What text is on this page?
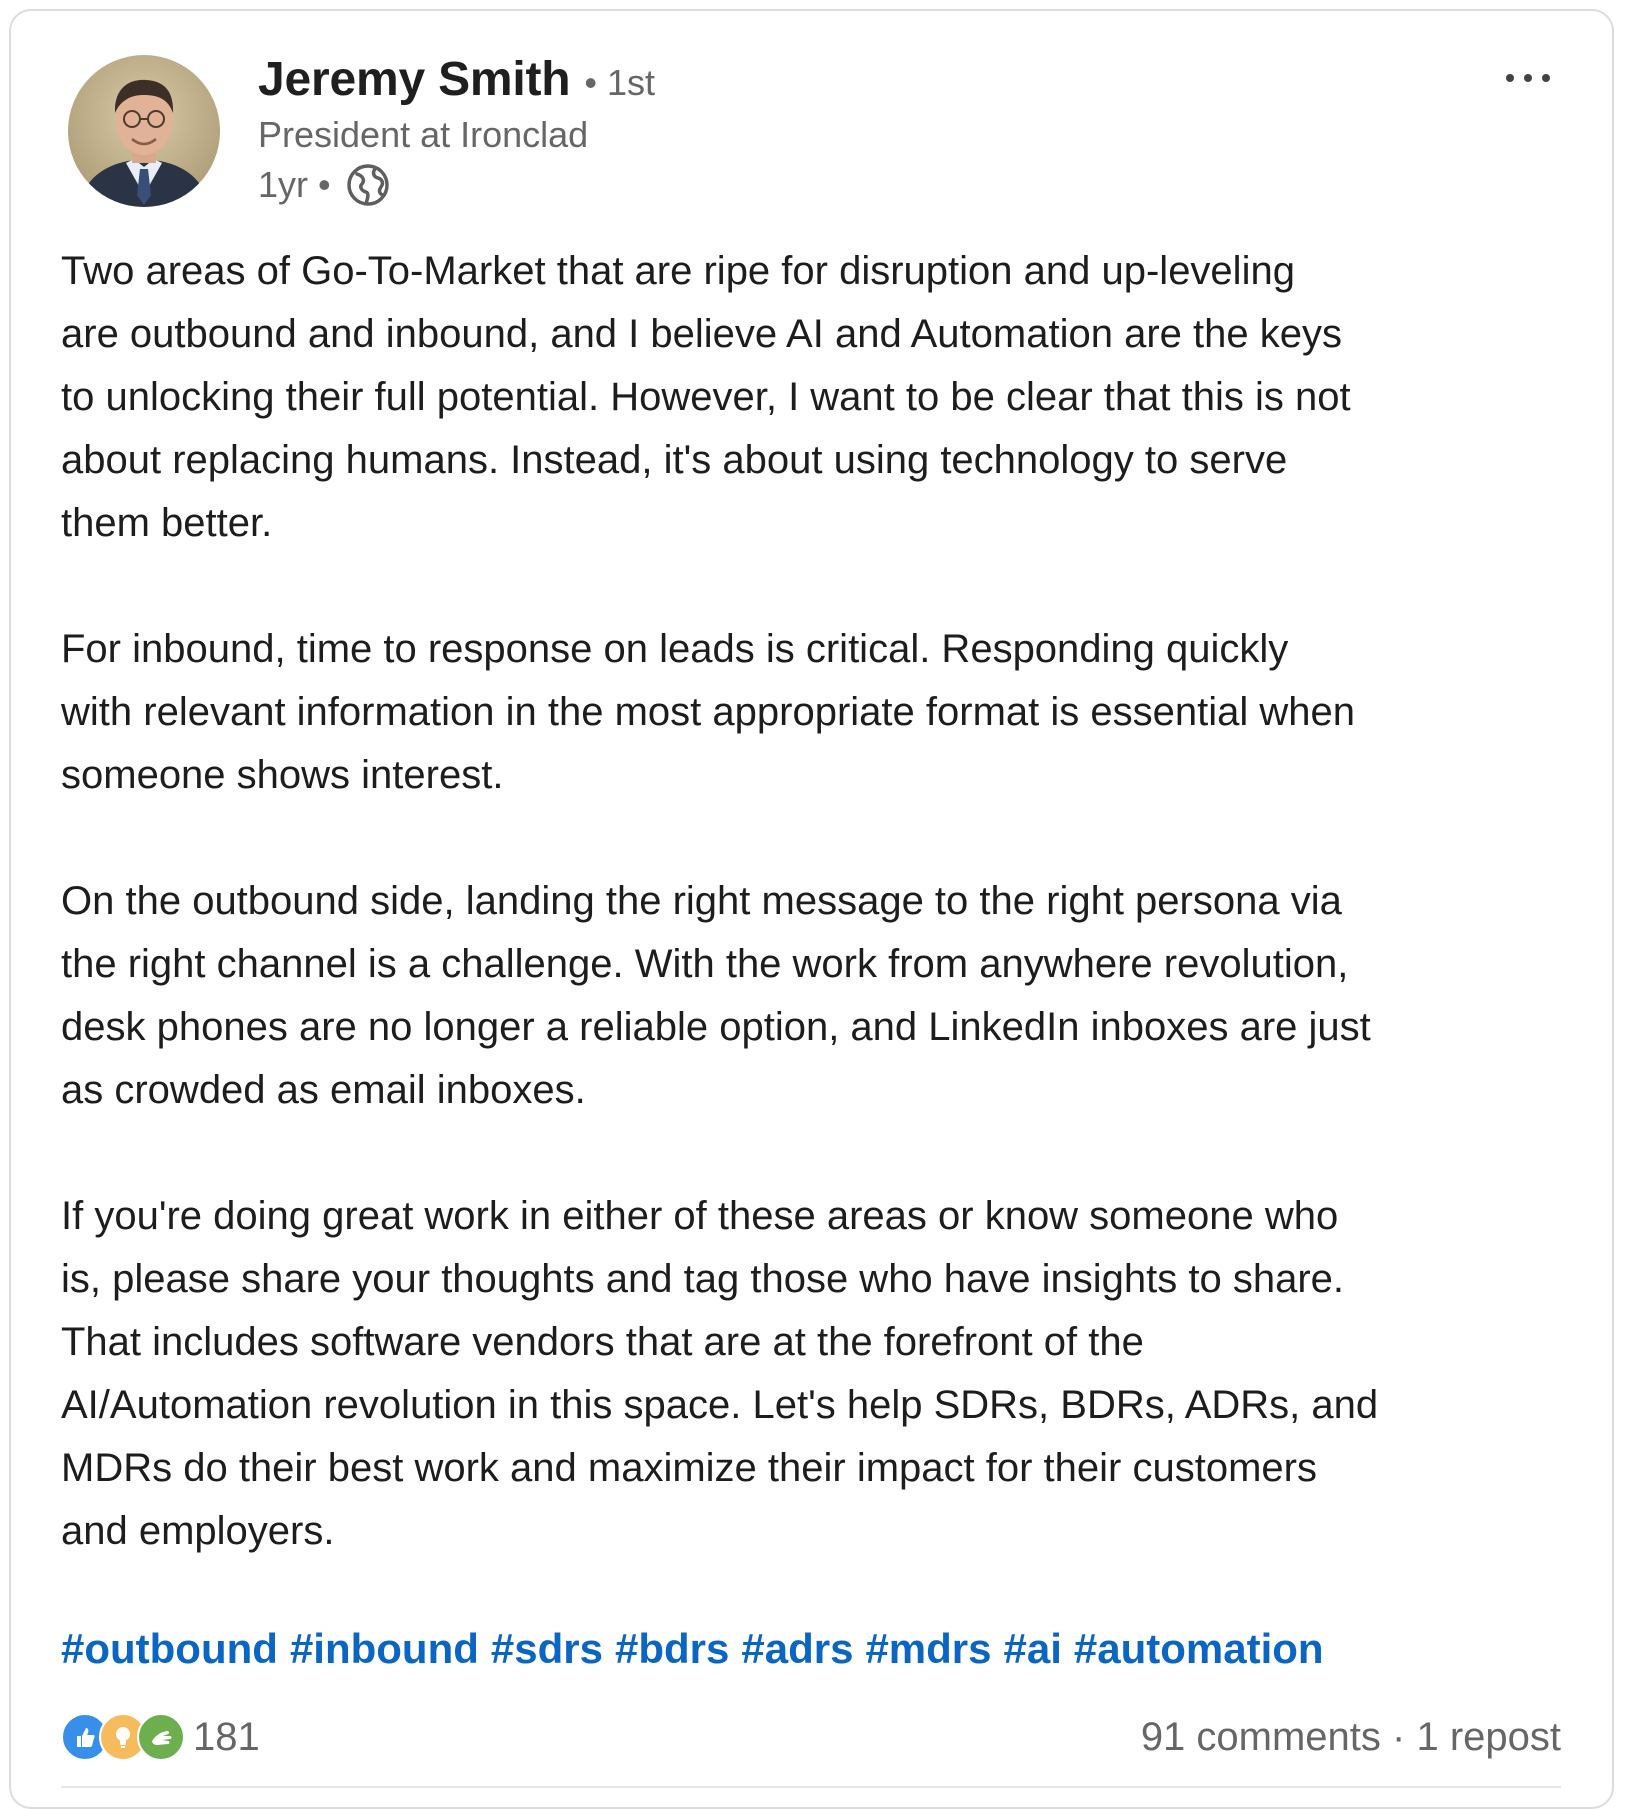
Jeremy Smith • 1st
President at Ironclad
1yr •

Two areas of Go-To-Market that are ripe for disruption and up-leveling
are outbound and inbound, and I believe AI and Automation are the keys
to unlocking their full potential. However, I want to be clear that this is not
about replacing humans. Instead, it's about using technology to serve
them better.

For inbound, time to response on leads is critical. Responding quickly
with relevant information in the most appropriate format is essential when
someone shows interest.

On the outbound side, landing the right message to the right persona via
the right channel is a challenge. With the work from anywhere revolution,
desk phones are no longer a reliable option, and LinkedIn inboxes are just
as crowded as email inboxes.

If you're doing great work in either of these areas or know someone who
is, please share your thoughts and tag those who have insights to share.
That includes software vendors that are at the forefront of the
AI/Automation revolution in this space. Let's help SDRs, BDRs, ADRs, and
MDRs do their best work and maximize their impact for their customers
and employers.

#outbound #inbound #sdrs #bdrs #adrs #mdrs #ai #automation
181	91 comments · 1 repost
